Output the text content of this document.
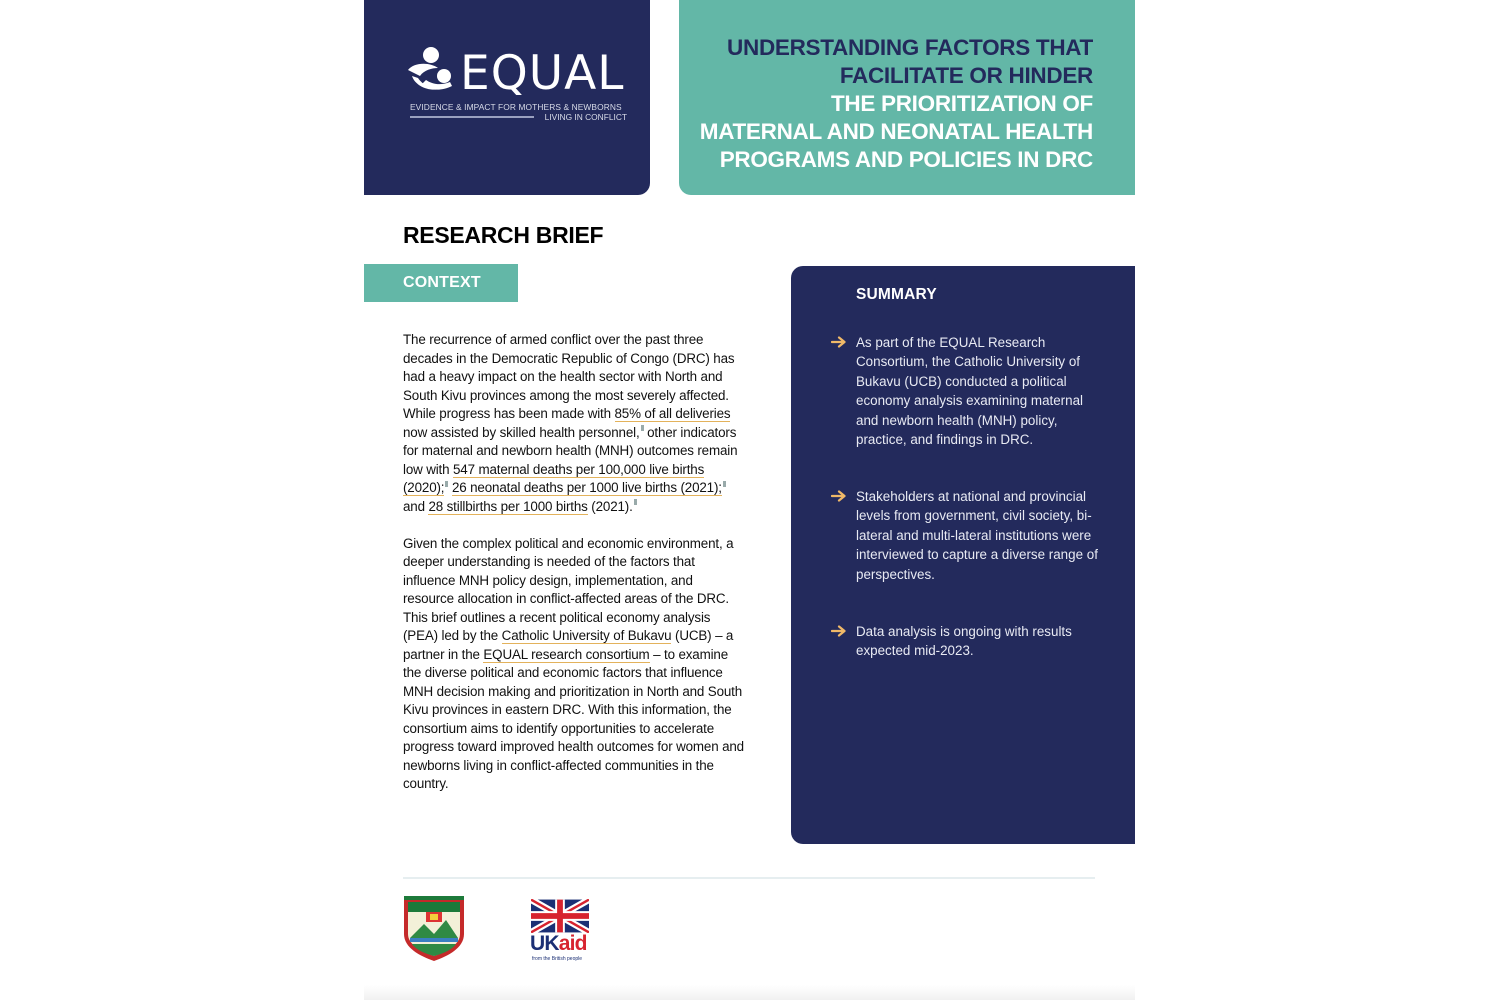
EQUAL
EVIDENCE & IMPACT FOR MOTHERS & NEWBORNS
LIVING IN CONFLICT
UNDERSTANDING FACTORS THAT
FACILITATE OR HINDER
THE PRIORITIZATION OF
MATERNAL AND NEONATAL HEALTH
PROGRAMS AND POLICIES IN DRC
RESEARCH BRIEF
CONTEXT

The recurrence of armed conflict over the past three decades in the Democratic Republic of Congo (DRC) has had a heavy impact on the health sector with North and South Kivu provinces among the most severely affected. While progress has been made with 85% of all deliveries now assisted by skilled health personnel, other indicators for maternal and newborn health (MNH) outcomes remain low with 547 maternal deaths per 100,000 live births (2020); 26 neonatal deaths per 1000 live births (2021); and 28 stillbirths per 1000 births (2021).

Given the complex political and economic environment, a deeper understanding is needed of the factors that influence MNH policy design, implementation, and resource allocation in conflict-affected areas of the DRC. This brief outlines a recent political economy analysis (PEA) led by the Catholic University of Bukavu (UCB) – a partner in the EQUAL research consortium – to examine the diverse political and economic factors that influence MNH decision making and prioritization in North and South Kivu provinces in eastern DRC. With this information, the consortium aims to identify opportunities to accelerate progress toward improved health outcomes for women and newborns living in conflict-affected communities in the country.

SUMMARY
As part of the EQUAL Research Consortium, the Catholic University of Bukavu (UCB) conducted a political economy analysis examining maternal and newborn health (MNH) policy, practice, and findings in DRC.
Stakeholders at national and provincial levels from government, civil society, bi-lateral and multi-lateral institutions were interviewed to capture a diverse range of perspectives.
Data analysis is ongoing with results expected mid-2023.
UKaid
from the British people
